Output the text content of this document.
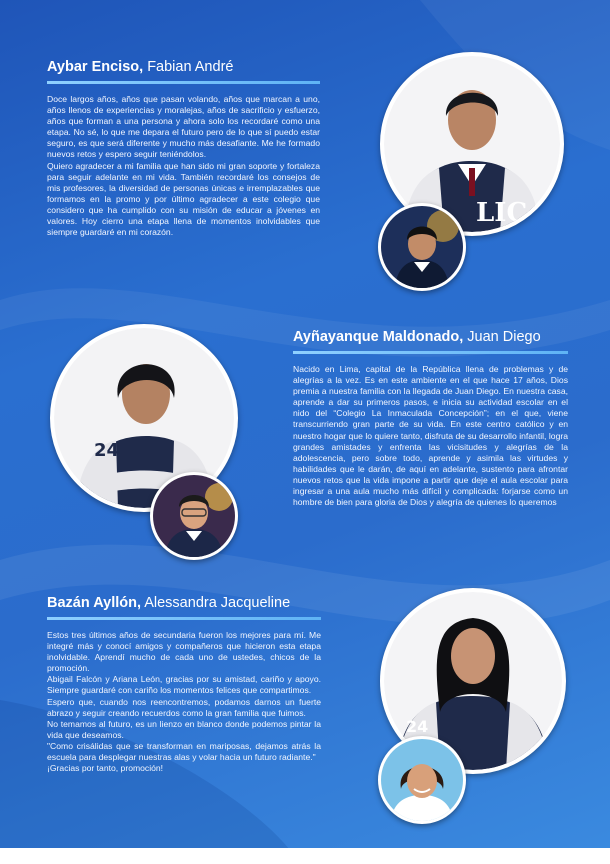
Aybar Enciso, Fabian André

Doce largos años, años que pasan volando, años que marcan a uno, años llenos de experiencias y moralejas, años de sacrificio y esfuerzo, años que forman a una persona y ahora solo los recordaré como una etapa. No sé, lo que me depara el futuro pero de lo que sí puedo estar seguro, es que será diferente y mucho más desafiante. Me he formado nuevos retos y espero seguir teniéndolos.

Quiero agradecer a mi familia que han sido mi gran soporte y fortaleza para seguir adelante en mi vida. También recordaré los consejos de mis profesores, la diversidad de personas únicas e irremplazables que formamos en la promo y por último agradecer a este colegio que considero que ha cumplido con su misión de educar a jóvenes en valores. Hoy cierro una etapa llena de momentos inolvidables que siempre guardaré en mi corazón.

LIC
Ayñayanque Maldonado, Juan Diego

Nacido en Lima, capital de la República llena de problemas y de alegrías a la vez. Es en este ambiente en el que hace 17 años, Dios premia a nuestra familia con la llegada de Juan Diego. En nuestra casa, aprende a dar su primeros pasos, e inicia su actividad escolar en el nido del “Colegio La Inmaculada Concepción”; en el que, viene transcurriendo gran parte de su vida. En este centro católico y en nuestro hogar que lo quiere tanto, disfruta de su desarrollo infantil, logra grandes amistades y enfrenta las vicisitudes y alegrías de la adolescencia, pero sobre todo, aprende y asimila las virtudes y habilidades que le darán, de aquí en adelante, sustento para afrontar nuevos retos que la vida impone a partir que deje el aula escolar para ingresar a una aula mucho más difícil y complicada: forjarse como un hombre de bien para gloria de Dios y alegría de quienes lo queremos

24
Bazán Ayllón, Alessandra Jacqueline

Estos tres últimos años de secundaria fueron los mejores para mí. Me integré más y conocí amigos y compañeros que hicieron esta etapa inolvidable. Aprendí mucho de cada uno de ustedes, chicos de la promoción.

Abigail Falcón y Ariana León, gracias por su amistad, cariño y apoyo. Siempre guardaré con cariño los momentos felices que compartimos.

Espero que, cuando nos reencontremos, podamos darnos un fuerte abrazo y seguir creando recuerdos como la gran familia que fuimos.

No temamos al futuro, es un lienzo en blanco donde podemos pintar la vida que deseamos.

"Como crisálidas que se transforman en mariposas, dejamos atrás la escuela para desplegar nuestras alas y volar hacia un futuro radiante."

¡Gracias por tanto, promoción!

24
